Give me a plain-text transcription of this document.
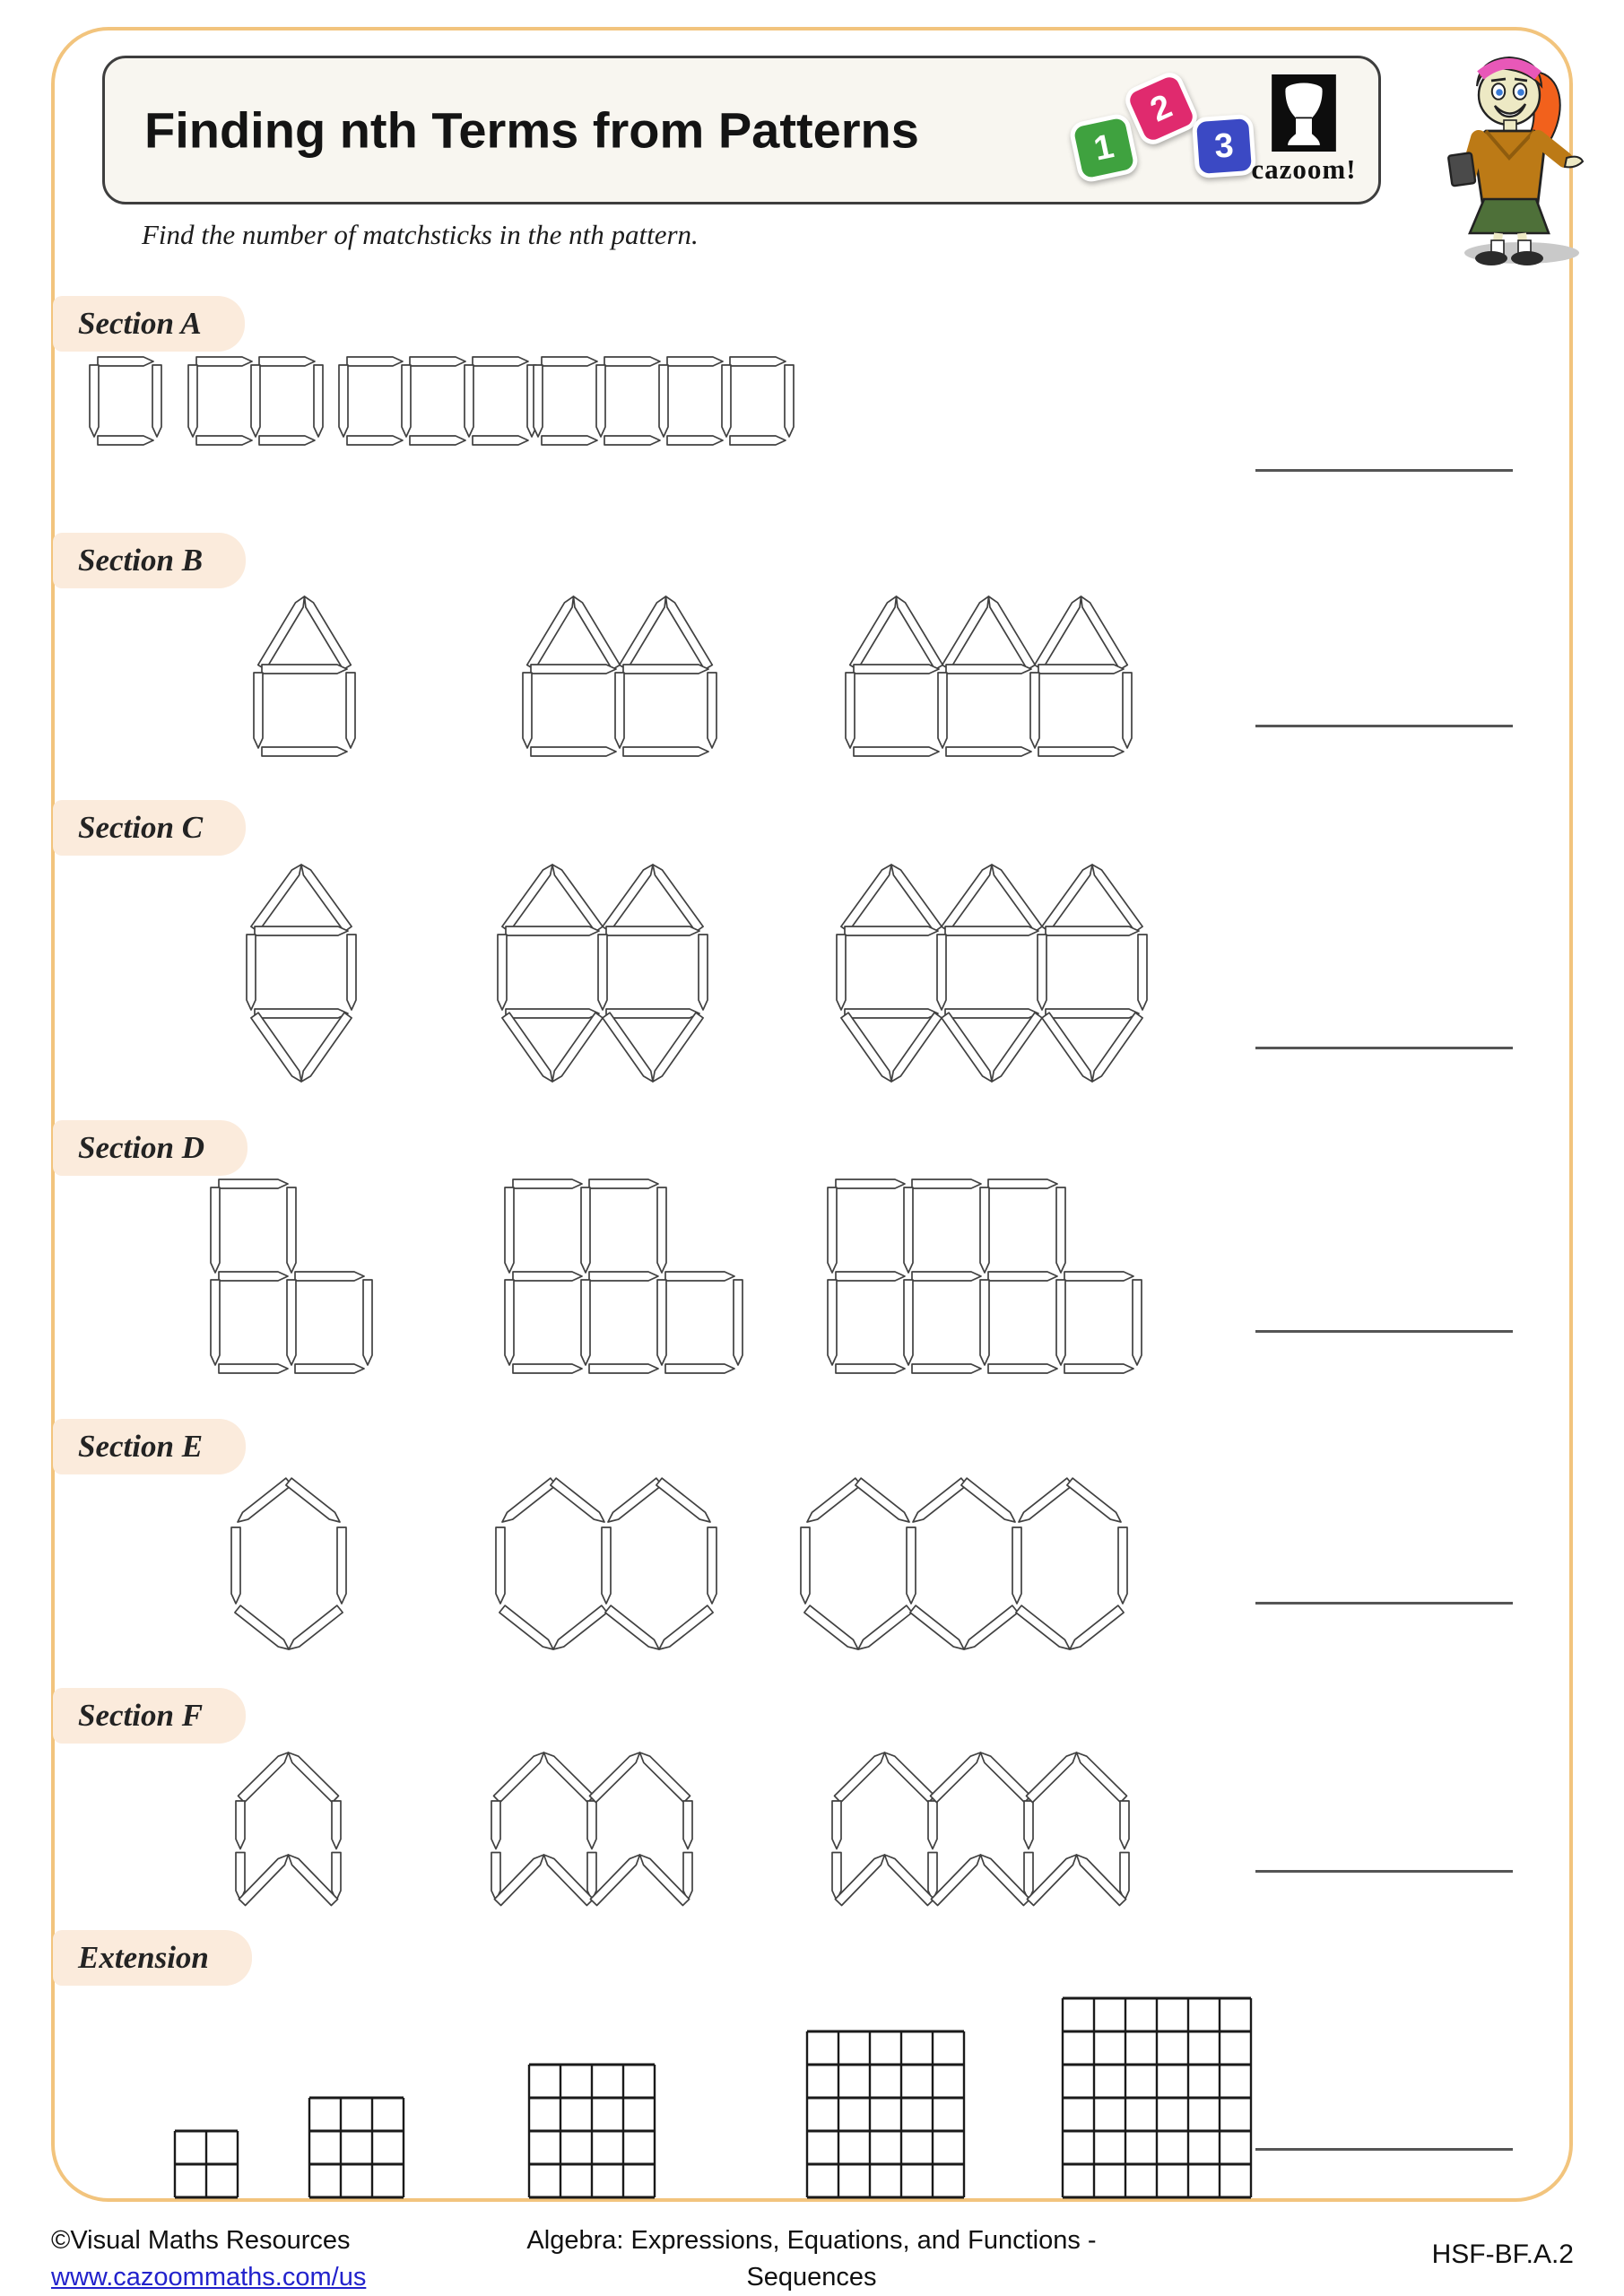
Finding nth Terms from Patterns	1
2
3
cazoom!

Find the number of matchsticks in the nth pattern.

Section A
Section B
Section C
Section D
Section E
Section F
Extension
©Visual Maths Resources
www.cazoommaths.com/us
Algebra: Expressions, Equations, and Functions - Sequences
HSF-BF.A.2
